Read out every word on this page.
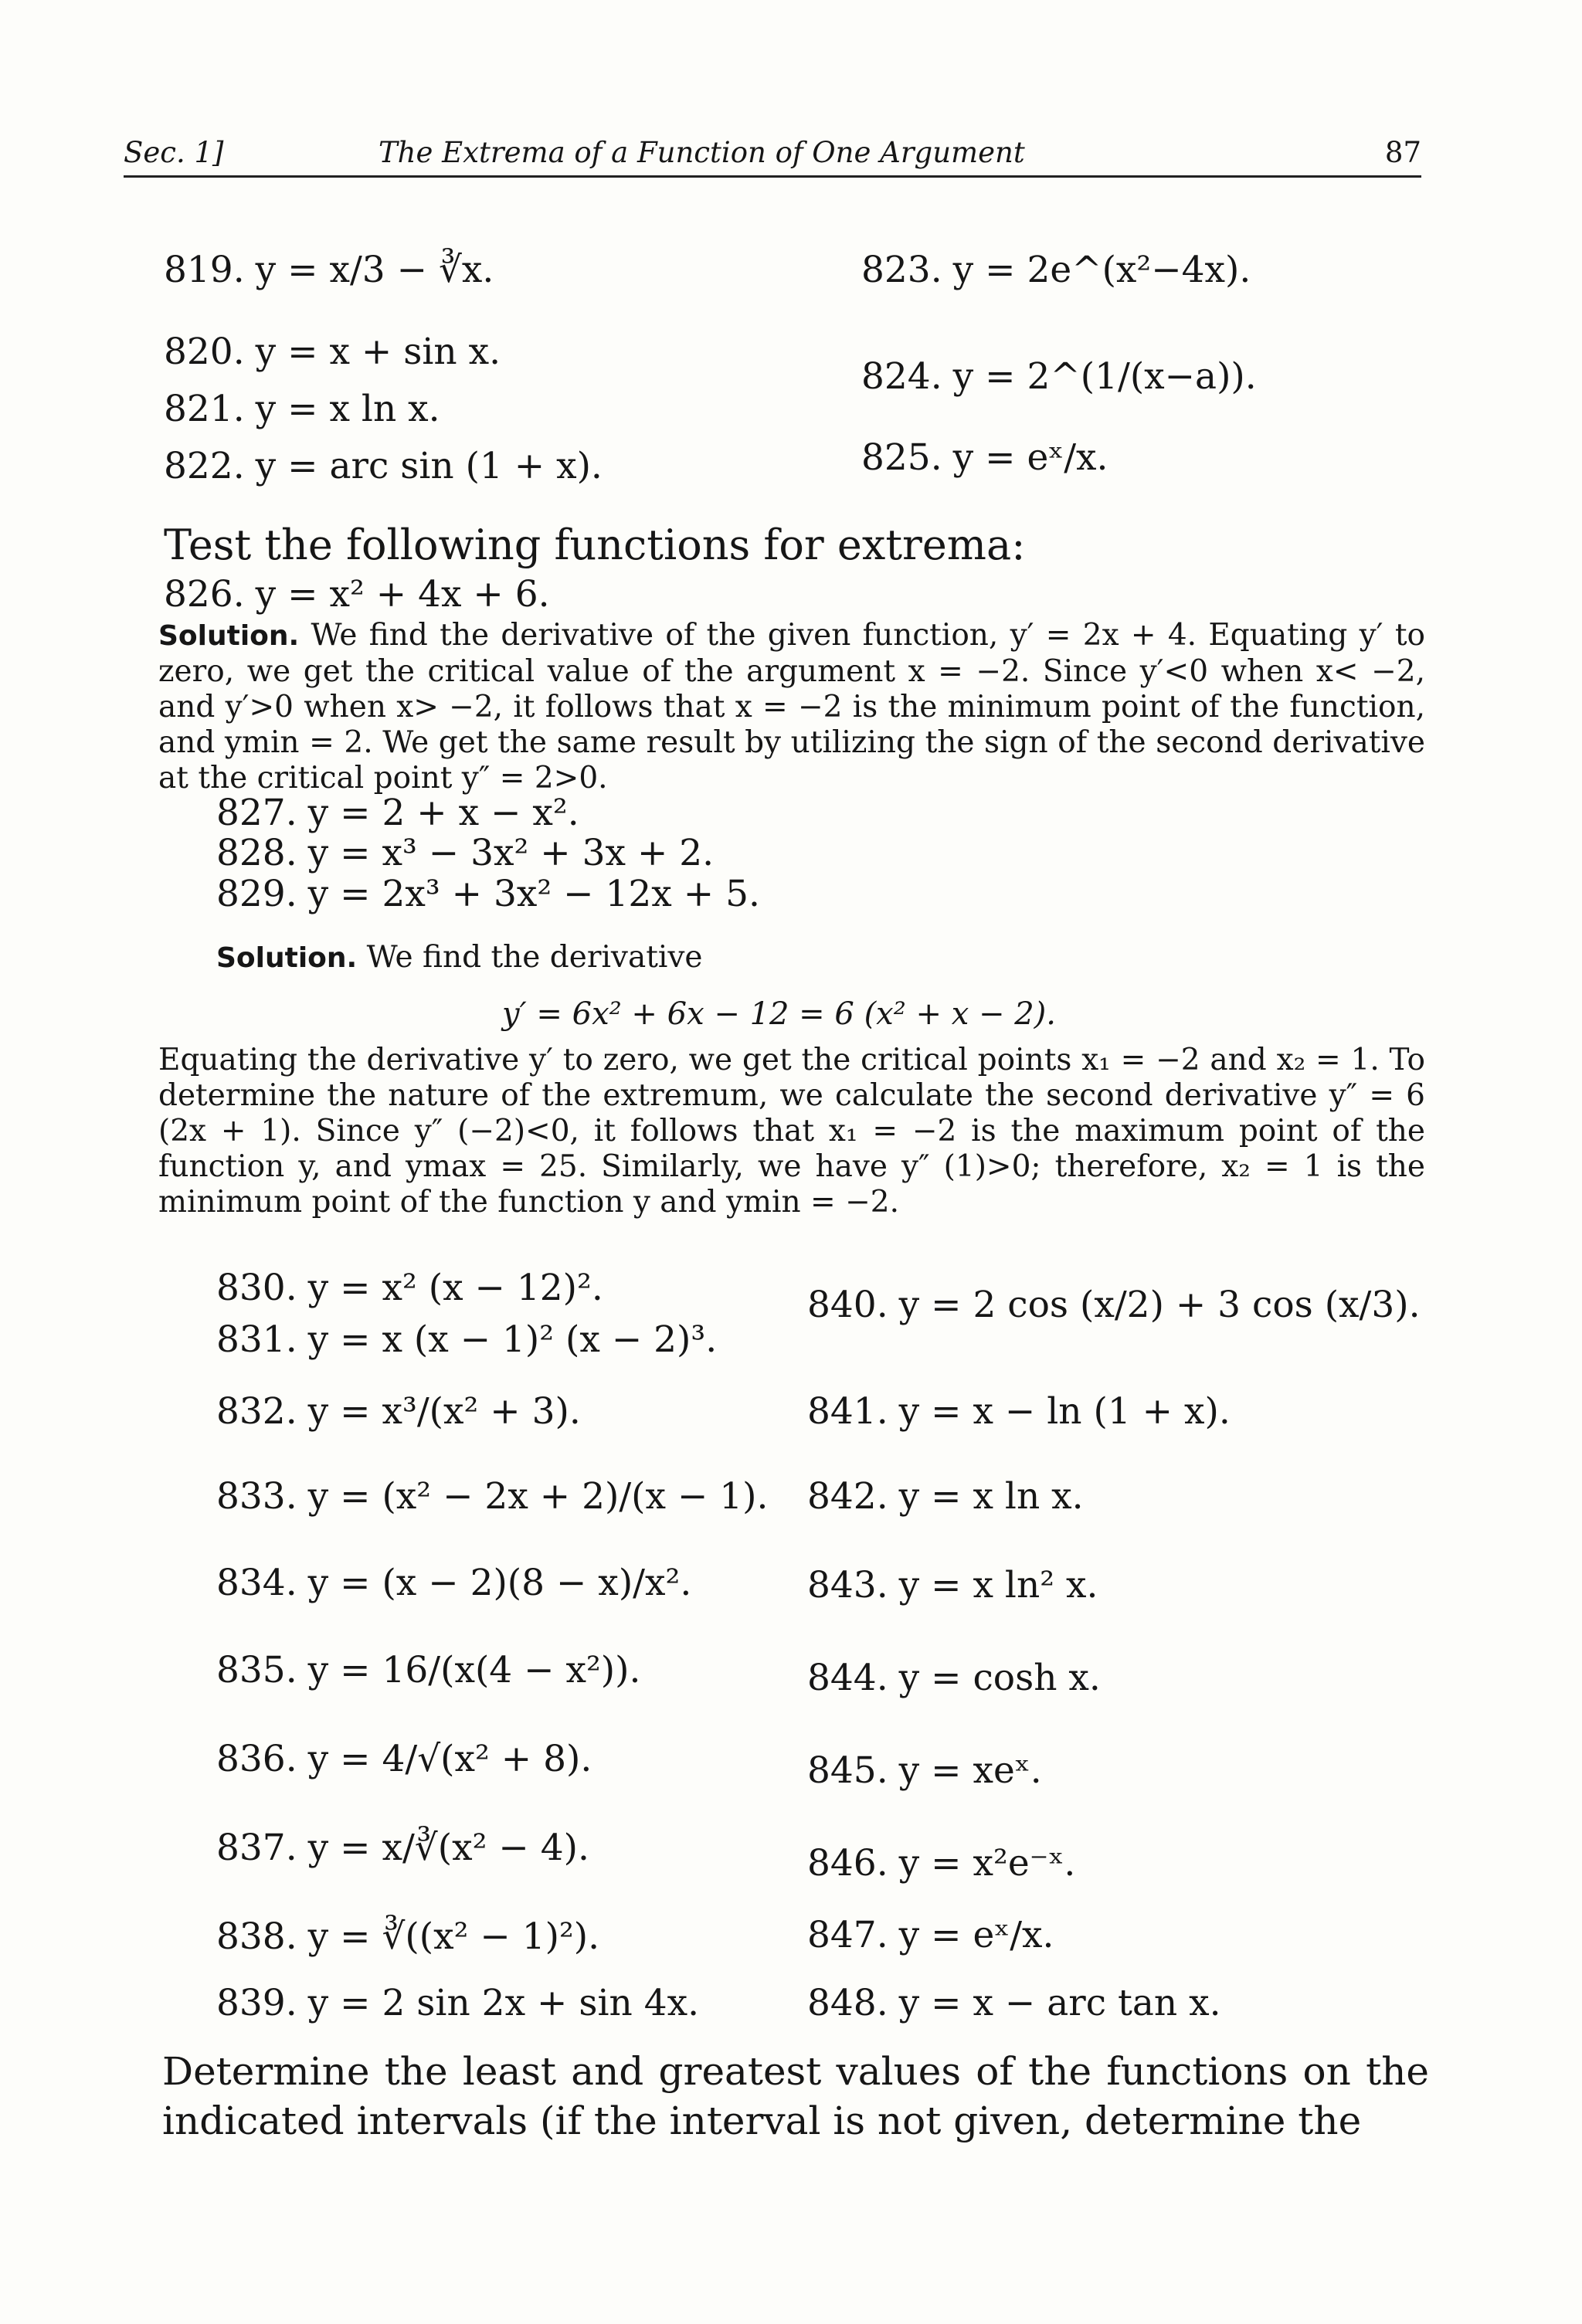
Sec. 1]	The Extrema of a Function of One Argument	87
819. y = x/3 − ∛x.
820. y = x + sin x.
821. y = x ln x.
822. y = arc sin (1 + x).
823. y = 2e^(x²−4x).
824. y = 2^(1/(x−a)).
825. y = eˣ/x.
Test the following functions for extrema:
826. y = x² + 4x + 6.
Solution. We find the derivative of the given function, y′ = 2x + 4. Equating y′ to zero, we get the critical value of the argument x = −2. Since y′<0 when x< −2, and y′>0 when x> −2, it follows that x = −2 is the minimum point of the function, and ymin = 2. We get the same result by utilizing the sign of the second derivative at the critical point y″ = 2>0.
827. y = 2 + x − x².
828. y = x³ − 3x² + 3x + 2.
829. y = 2x³ + 3x² − 12x + 5.
Solution. We find the derivative
y′ = 6x² + 6x − 12 = 6 (x² + x − 2).
Equating the derivative y′ to zero, we get the critical points x₁ = −2 and x₂ = 1. To determine the nature of the extremum, we calculate the second derivative y″ = 6 (2x + 1). Since y″ (−2)<0, it follows that x₁ = −2 is the maximum point of the function y, and ymax = 25. Similarly, we have y″ (1)>0; therefore, x₂ = 1 is the minimum point of the function y and ymin = −2.
830. y = x² (x − 12)².
831. y = x (x − 1)² (x − 2)³.
832. y = x³/(x² + 3).
833. y = (x² − 2x + 2)/(x − 1).
834. y = (x − 2)(8 − x)/x².
835. y = 16/(x(4 − x²)).
836. y = 4/√(x² + 8).
837. y = x/∛(x² − 4).
838. y = ∛((x² − 1)²).
839. y = 2 sin 2x + sin 4x.
840. y = 2 cos (x/2) + 3 cos (x/3).
841. y = x − ln (1 + x).
842. y = x ln x.
843. y = x ln² x.
844. y = cosh x.
845. y = xeˣ.
846. y = x²e⁻ˣ.
847. y = eˣ/x.
848. y = x − arc tan x.
Determine the least and greatest values of the functions on the indicated intervals (if the interval is not given, determine the
